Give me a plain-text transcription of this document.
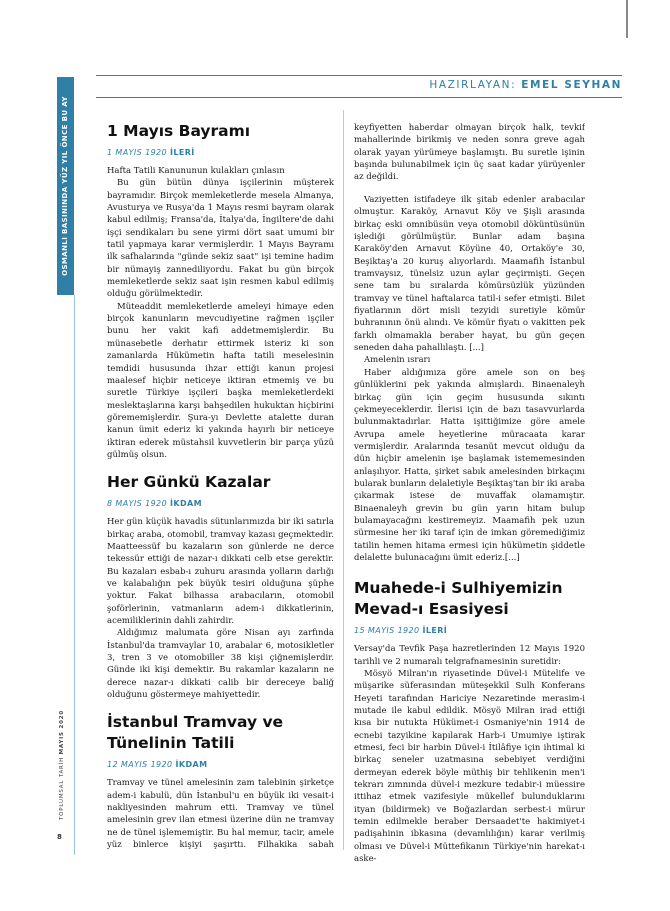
OSMANLI BASININDA YÜZ YIL ÖNCE BU AY
TOPLUMSAL TARİH MAYIS 2020
8
HAZIRLAYAN: EMEL SEYHAN
1 Mayıs Bayramı
1 MAYIS 1920 İLERİ

Hafta Tatili Kanununun kulakları çınlasın

Bu gün bütün dünya işçilerinin müşterek bayramıdır. Birçok memleketlerde mesela Almanya, Avusturya ve Rusya'da 1 Mayıs resmi bayram olarak kabul edilmiş; Fransa'da, İtalya'da, İngiltere'de dahi işçi sendikaları bu sene yirmi dört saat umumi bir tatil yapmaya karar vermişlerdir. 1 Mayıs Bayramı ilk safhalarında "günde sekiz saat" işi temine hadim bir nümayiş zannediliyordu. Fakat bu gün birçok memleketlerde sekiz saat işin resmen kabul edilmiş olduğu görülmektedir.

Müteaddit memleketlerde ameleyi himaye eden birçok kanunların mevcudiyetine rağmen işçiler bunu her vakit kafi addetmemişlerdir. Bu münasebetle derhatır ettirmek isteriz ki son zamanlarda Hükümetin hafta tatili meselesinin temdidi hususunda ihzar ettiği kanun projesi maalesef hiçbir neticeye iktiran etmemiş ve bu suretle Türkiye işçileri başka memleketlerdeki meslektaşlarına karşı bahşedilen hukuktan hiçbirini görememişlerdir. Şura-yı Devlette atalette duran kanun ümit ederiz ki yakında hayırlı bir neticeye iktiran ederek müstahsil kuvvetlerin bir parça yüzü gülmüş olsun.

Her Günkü Kazalar
8 MAYIS 1920 İKDAM

Her gün küçük havadis sütunlarımızda bir iki satırla birkaç araba, otomobil, tramvay kazası geçmektedir. Maatteessüf bu kazaların son günlerde ne derce tekessür ettiği de nazar-ı dikkati celb etse gerektir. Bu kazaları esbab-ı zuhuru arasında yolların darlığı ve kalabalığın pek büyük tesiri olduğuna şüphe yoktur. Fakat bilhassa arabacıların, otomobil şoförlerinin, vatmanların adem-i dikkatlerinin, acemiliklerinin dahli zahirdir.

Aldığımız malumata göre Nisan ayı zarfında İstanbul'da tramvaylar 10, arabalar 6, motosikletler 3, tren 3 ve otomobiller 38 kişi çiğnemişlerdir. Günde iki kişi demektir. Bu rakamlar kazaların ne derece nazar-ı dikkati calib bir dereceye baliğ olduğunu göstermeye mahiyettedir.

İstanbul Tramvay ve Tünelinin Tatili
12 MAYIS 1920 İKDAM

Tramvay ve tünel amelesinin zam talebinin şirketçe adem-i kabulü, dün İstanbul'u en büyük iki vesait-i nakliyesinden mahrum etti. Tramvay ve tünel amelesinin grev ilan etmesi üzerine dün ne tramvay ne de tünel işlememiştir. Bu hal memur, tacir, amele yüz binlerce kişiyi şaşırttı. Filhakika sabah

keyfiyetten haberdar olmayan birçok halk, tevkif mahallerinde birikmiş ve neden sonra greve agah olarak yayan yürümeye başlamıştı. Bu suretle işinin başında bulunabilmek için üç saat kadar yürüyenler az değildi.

Vaziyetten istifadeye ilk şitab edenler arabacılar olmuştur. Karaköy, Arnavut Köy ve Şişli arasında birkaç eski omnibüsün veya otomobil döküntüsünün işlediği görülmüştür. Bunlar adam başına Karaköy'den Arnavut Köyüne 40, Ortaköy'e 30, Beşiktaş'a 20 kuruş alıyorlardı. Maamafih İstanbul tramvaysız, tünelsiz uzun aylar geçirmişti. Geçen sene tam bu sıralarda kömürsüzlük yüzünden tramvay ve tünel haftalarca tatil-i sefer etmişti. Bilet fiyatlarının dört misli tezyidi suretiyle kömür buhranının önü alındı. Ve kömür fiyatı o vakitten pek farklı olmamakla beraber hayat, bu gün geçen seneden daha pahallılaştı. [...]

Amelenin ısrarı

Haber aldığımıza göre amele son on beş günlüklerini pek yakında almışlardı. Binaenaleyh birkaç gün için geçim hususunda sıkıntı çekmeyeceklerdir. İlerisi için de bazı tasavvurlarda bulunmaktadırlar. Hatta işittiğimize göre amele Avrupa amele heyetlerine müracaata karar vermişlerdir. Aralarında tesanüt mevcut olduğu da dün hiçbir amelenin işe başlamak istememesinden anlaşılıyor. Hatta, şirket sabık amelesinden birkaçını bularak bunların delaletiyle Beşiktaş'tan bir iki araba çıkarmak istese de muvaffak olamamıştır. Binaenaleyh grevin bu gün yarın hitam bulup bulamayacağını kestiremeyiz. Maamafih pek uzun sürmesine her iki taraf için de imkan göremediğimiz tatilin hemen hitama ermesi için hükümetin şiddetle delalette bulunacağını ümit ederiz.[...]

Muahede-i Sulhiyemizin Mevad-ı Esasiyesi
15 MAYIS 1920 İLERİ

Versay'da Tevfik Paşa hazretlerinden 12 Mayıs 1920 tarihli ve 2 numaralı telgrafnamesinin suretidir:

Mösyö Milran'ın riyasetinde Düvel-i Mütelife ve müşarike süferasından müteşekkil Sulh Konferans Heyeti tarafından Hariciye Nezaretinde merasim-i mutade ile kabul edildik. Mösyö Milran irad ettiği kısa bir nutukta Hükümet-i Osmaniye'nin 1914 de ecnebi tazyikine kapılarak Harb-i Umumiye iştirak etmesi, feci bir harbin Düvel-i İtilâfiye için ihtimal ki birkaç seneler uzatmasına sebebiyet verdiğini dermeyan ederek böyle müthiş bir tehlikenin men'i tekrarı zımnında düvel-i mezkure tedabir-i müessire ittihaz etmek vazifesiyle mükellef bulunduklarını ityan (bildirmek) ve Boğazlardan serbest-i mürur temin edilmekle beraber Dersaadet'te hakimiyet-i padişahinin ibkasına (devamlılığın) karar verilmiş olması ve Düvel-i Müttefikanın Türkiye'nin harekat-ı aske-
